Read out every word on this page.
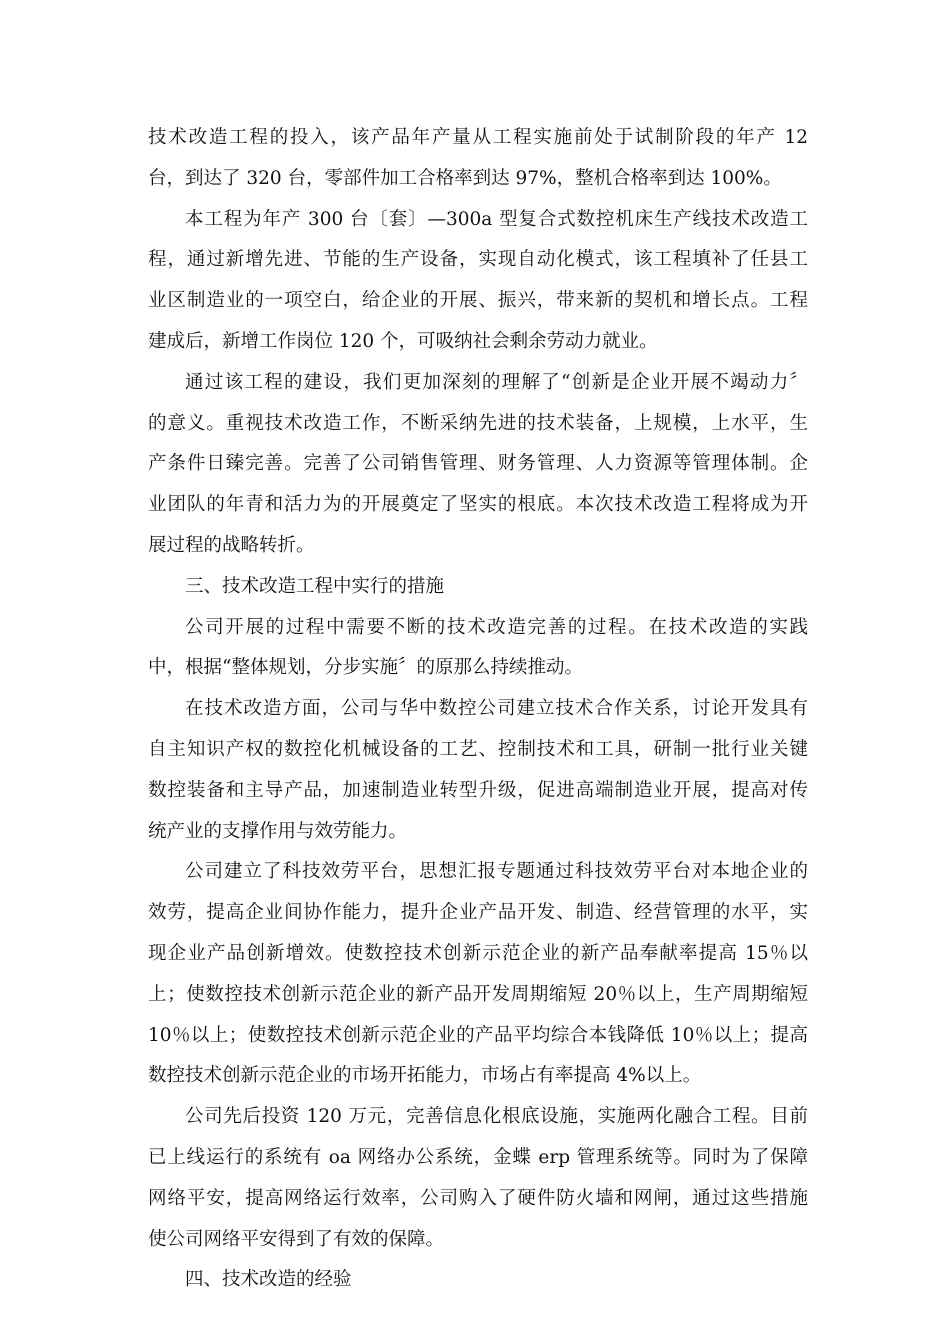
技术改造工程的投入，该产品年产量从工程实施前处于试制阶段的年产 12
台，到达了 320 台，零部件加工合格率到达 97%，整机合格率到达 100%。
本工程为年产 300 台〔套〕—300a 型复合式数控机床生产线技术改造工
程，通过新增先进、节能的生产设备，实现自动化模式，该工程填补了任县工
业区制造业的一项空白，给企业的开展、振兴，带来新的契机和增长点。工程
建成后，新增工作岗位 120 个，可吸纳社会剩余劳动力就业。
通过该工程的建设，我们更加深刻的理解了“创新是企业开展不竭动力〞
的意义。重视技术改造工作，不断采纳先进的技术装备，上规模，上水平，生
产条件日臻完善。完善了公司销售管理、财务管理、人力资源等管理体制。企
业团队的年青和活力为的开展奠定了坚实的根底。本次技术改造工程将成为开
展过程的战略转折。
三、技术改造工程中实行的措施
公司开展的过程中需要不断的技术改造完善的过程。在技术改造的实践
中，根据“整体规划，分步实施〞的原那么持续推动。
在技术改造方面，公司与华中数控公司建立技术合作关系，讨论开发具有
自主知识产权的数控化机械设备的工艺、控制技术和工具，研制一批行业关键
数控装备和主导产品，加速制造业转型升级，促进高端制造业开展，提高对传
统产业的支撑作用与效劳能力。
公司建立了科技效劳平台，思想汇报专题通过科技效劳平台对本地企业的
效劳，提高企业间协作能力，提升企业产品开发、制造、经营管理的水平，实
现企业产品创新增效。使数控技术创新示范企业的新产品奉献率提高 15％以
上；使数控技术创新示范企业的新产品开发周期缩短 20％以上，生产周期缩短
10％以上；使数控技术创新示范企业的产品平均综合本钱降低 10％以上；提高
数控技术创新示范企业的市场开拓能力，市场占有率提高 4%以上。
公司先后投资 120 万元，完善信息化根底设施，实施两化融合工程。目前
已上线运行的系统有 oa 网络办公系统，金蝶 erp 管理系统等。同时为了保障
网络平安，提高网络运行效率，公司购入了硬件防火墙和网闸，通过这些措施
使公司网络平安得到了有效的保障。
四、技术改造的经验
